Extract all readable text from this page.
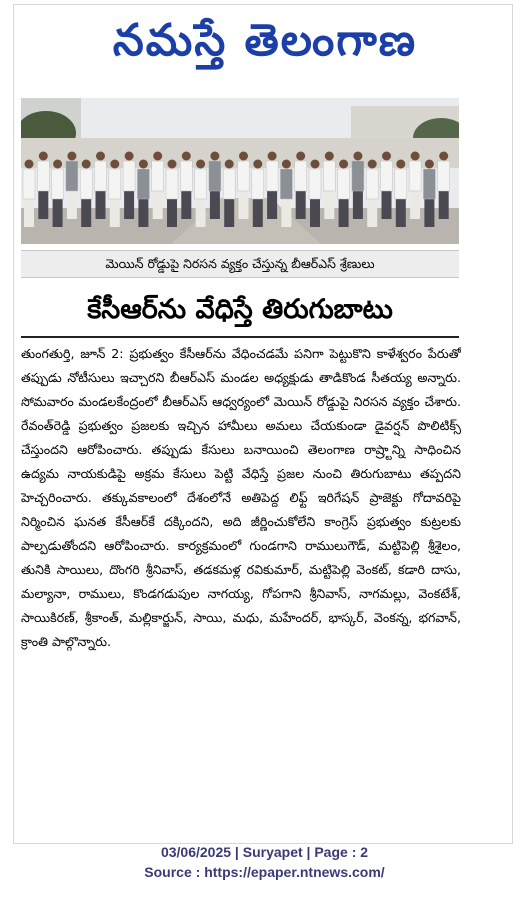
నమస్తే తెలంగాణ
మెయిన్ రోడ్డుపై నిరసన వ్యక్తం చేస్తున్న బీఆర్ఎస్ శ్రేణులు
కేసీఆర్‌ను వేధిస్తే తిరుగుబాటు

తుంగతుర్తి, జూన్ 2: ప్రభుత్వం కేసీఆర్‌ను వేధించడమే పనిగా పెట్టుకొని కాళేశ్వరం పేరుతో తప్పుడు నోటీసులు ఇచ్చారని బీఆర్ఎస్ మండల అధ్యక్షుడు తాడికొండ సీతయ్య అన్నారు. సోమవారం మండలకేంద్రంలో బీఆర్ఎస్ ఆధ్వర్యంలో మెయిన్ రోడ్డుపై నిరసన వ్యక్తం చేశారు. రేవంత్‌రెడ్డి ప్రభుత్వం ప్రజలకు ఇచ్చిన హామీలు అమలు చేయకుండా డైవర్షన్ పొలిటిక్స్ చేస్తుందని ఆరోపించారు. తప్పుడు కేసులు బనాయించి తెలంగాణ రాష్ర్టాన్ని సాధించిన ఉద్యమ నాయకుడిపై అక్రమ కేసులు పెట్టి వేధిస్తే ప్రజల నుంచి తిరుగుబాటు తప్పదని హెచ్చరించారు. తక్కువకాలంలో దేశంలోనే అతిపెద్ద లిఫ్ట్ ఇరిగేషన్ ప్రాజెక్టు గోదావరిపై నిర్మించిన ఘనత కేసీఆర్‌కే దక్కిందని, అది జీర్ణించుకోలేని కాంగ్రెస్ ప్రభుత్వం కుట్రలకు పాల్పడుతోందని ఆరోపించారు. కార్యక్రమంలో గుండగాని రాములుగౌడ్, మట్టిపెల్లి శ్రీశైలం, తునికి సాయిలు, దొంగరి శ్రీనివాస్, తడకమళ్ల రవికుమార్, మట్టిపెల్లి వెంకట్, కడారి దాసు, మల్యానా, రాములు, కొండగడుపుల నాగయ్య, గోపగాని శ్రీనివాస్, నాగమల్లు, వెంకటేశ్, సాయికిరణ్, శ్రీకాంత్, మల్లికార్జున్, సాయి, మధు, మహేందర్, భాస్కర్, వెంకన్న, భగవాన్, క్రాంతి పాల్గొన్నారు.

03/06/2025 | Suryapet | Page : 2
Source : https://epaper.ntnews.com/
